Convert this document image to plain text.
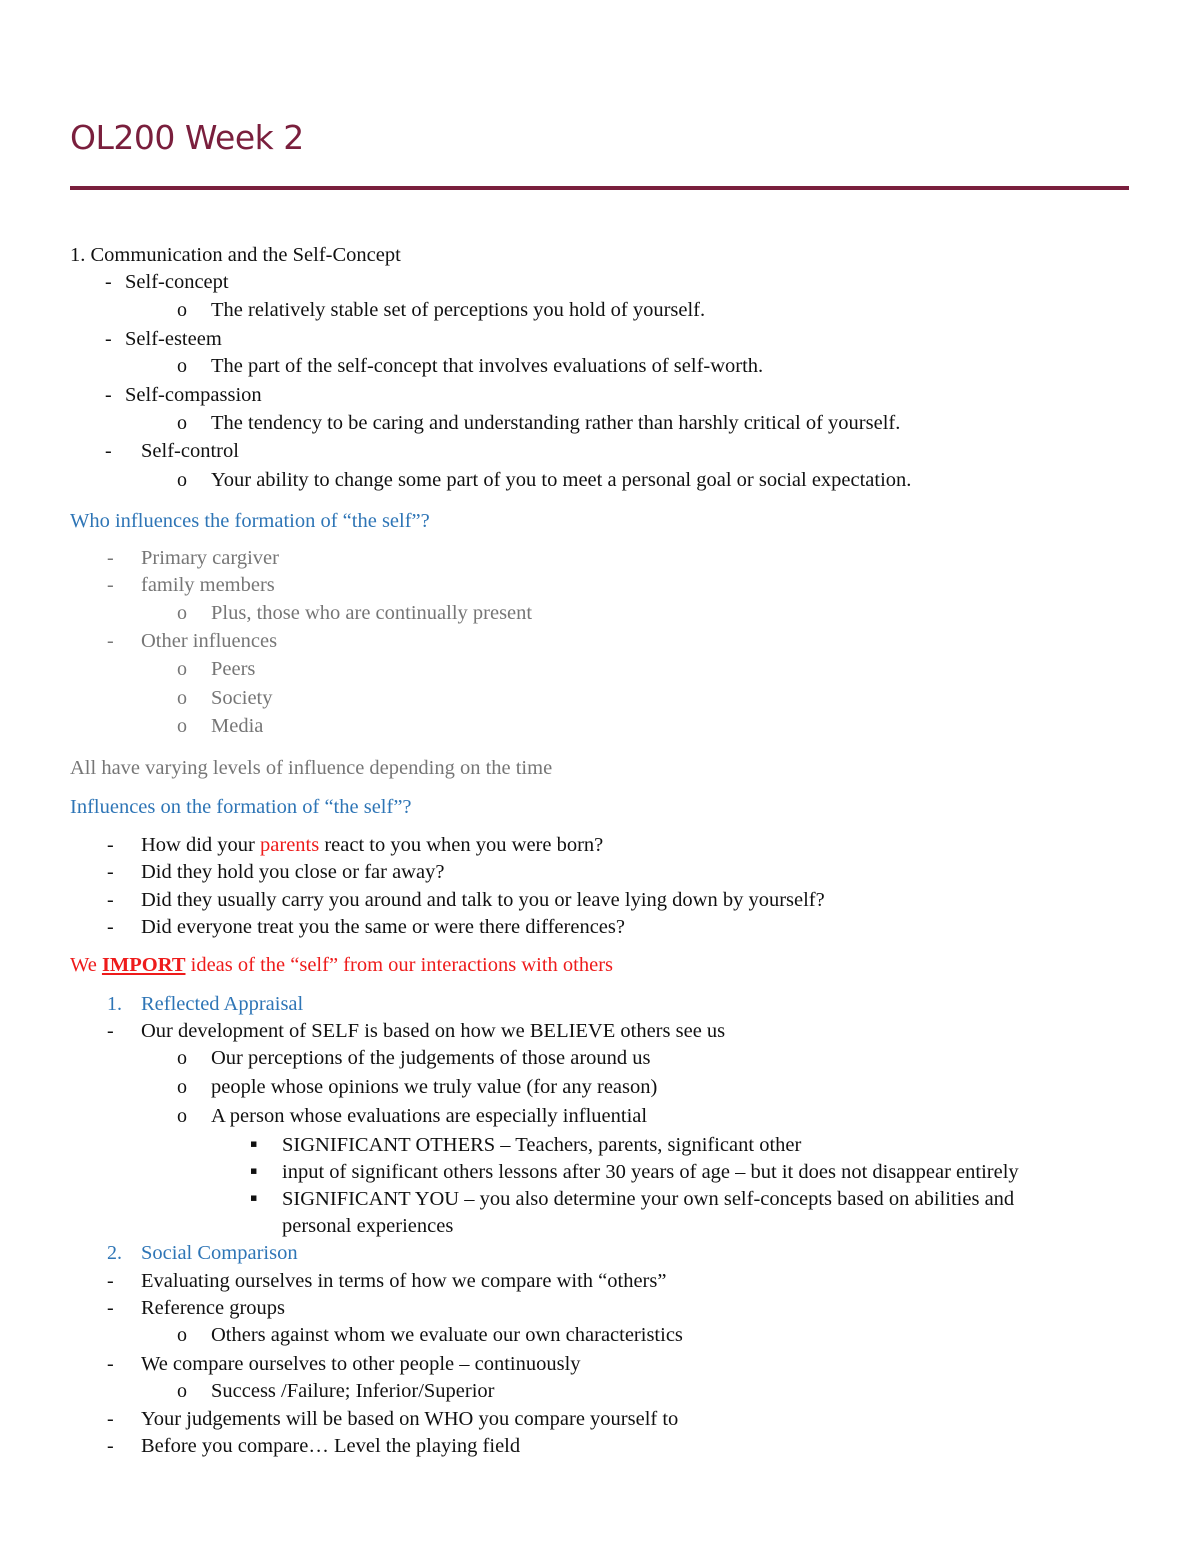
OL200 Week 2
1. Communication and the Self-Concept
- Self-concept
o The relatively stable set of perceptions you hold of yourself.
- Self-esteem
o The part of the self-concept that involves evaluations of self-worth.
- Self-compassion
o The tendency to be caring and understanding rather than harshly critical of yourself.
- Self-control
o Your ability to change some part of you to meet a personal goal or social expectation.
Who influences the formation of “the self”?
- Primary cargiver
- family members
o Plus, those who are continually present
- Other influences
o Peers
o Society
o Media
All have varying levels of influence depending on the time
Influences on the formation of “the self”?
- How did your parents react to you when you were born?
- Did they hold you close or far away?
- Did they usually carry you around and talk to you or leave lying down by yourself?
- Did everyone treat you the same or were there differences?
We IMPORT ideas of the “self” from our interactions with others
1. Reflected Appraisal
- Our development of SELF is based on how we BELIEVE others see us
o Our perceptions of the judgements of those around us
o people whose opinions we truly value (for any reason)
o A person whose evaluations are especially influential
▪ SIGNIFICANT OTHERS – Teachers, parents, significant other
▪ input of significant others lessons after 30 years of age – but it does not disappear entirely
▪ SIGNIFICANT YOU – you also determine your own self-concepts based on abilities and
personal experiences
2. Social Comparison
- Evaluating ourselves in terms of how we compare with “others”
- Reference groups
o Others against whom we evaluate our own characteristics
- We compare ourselves to other people – continuously
o Success /Failure; Inferior/Superior
- Your judgements will be based on WHO you compare yourself to
- Before you compare… Level the playing field
